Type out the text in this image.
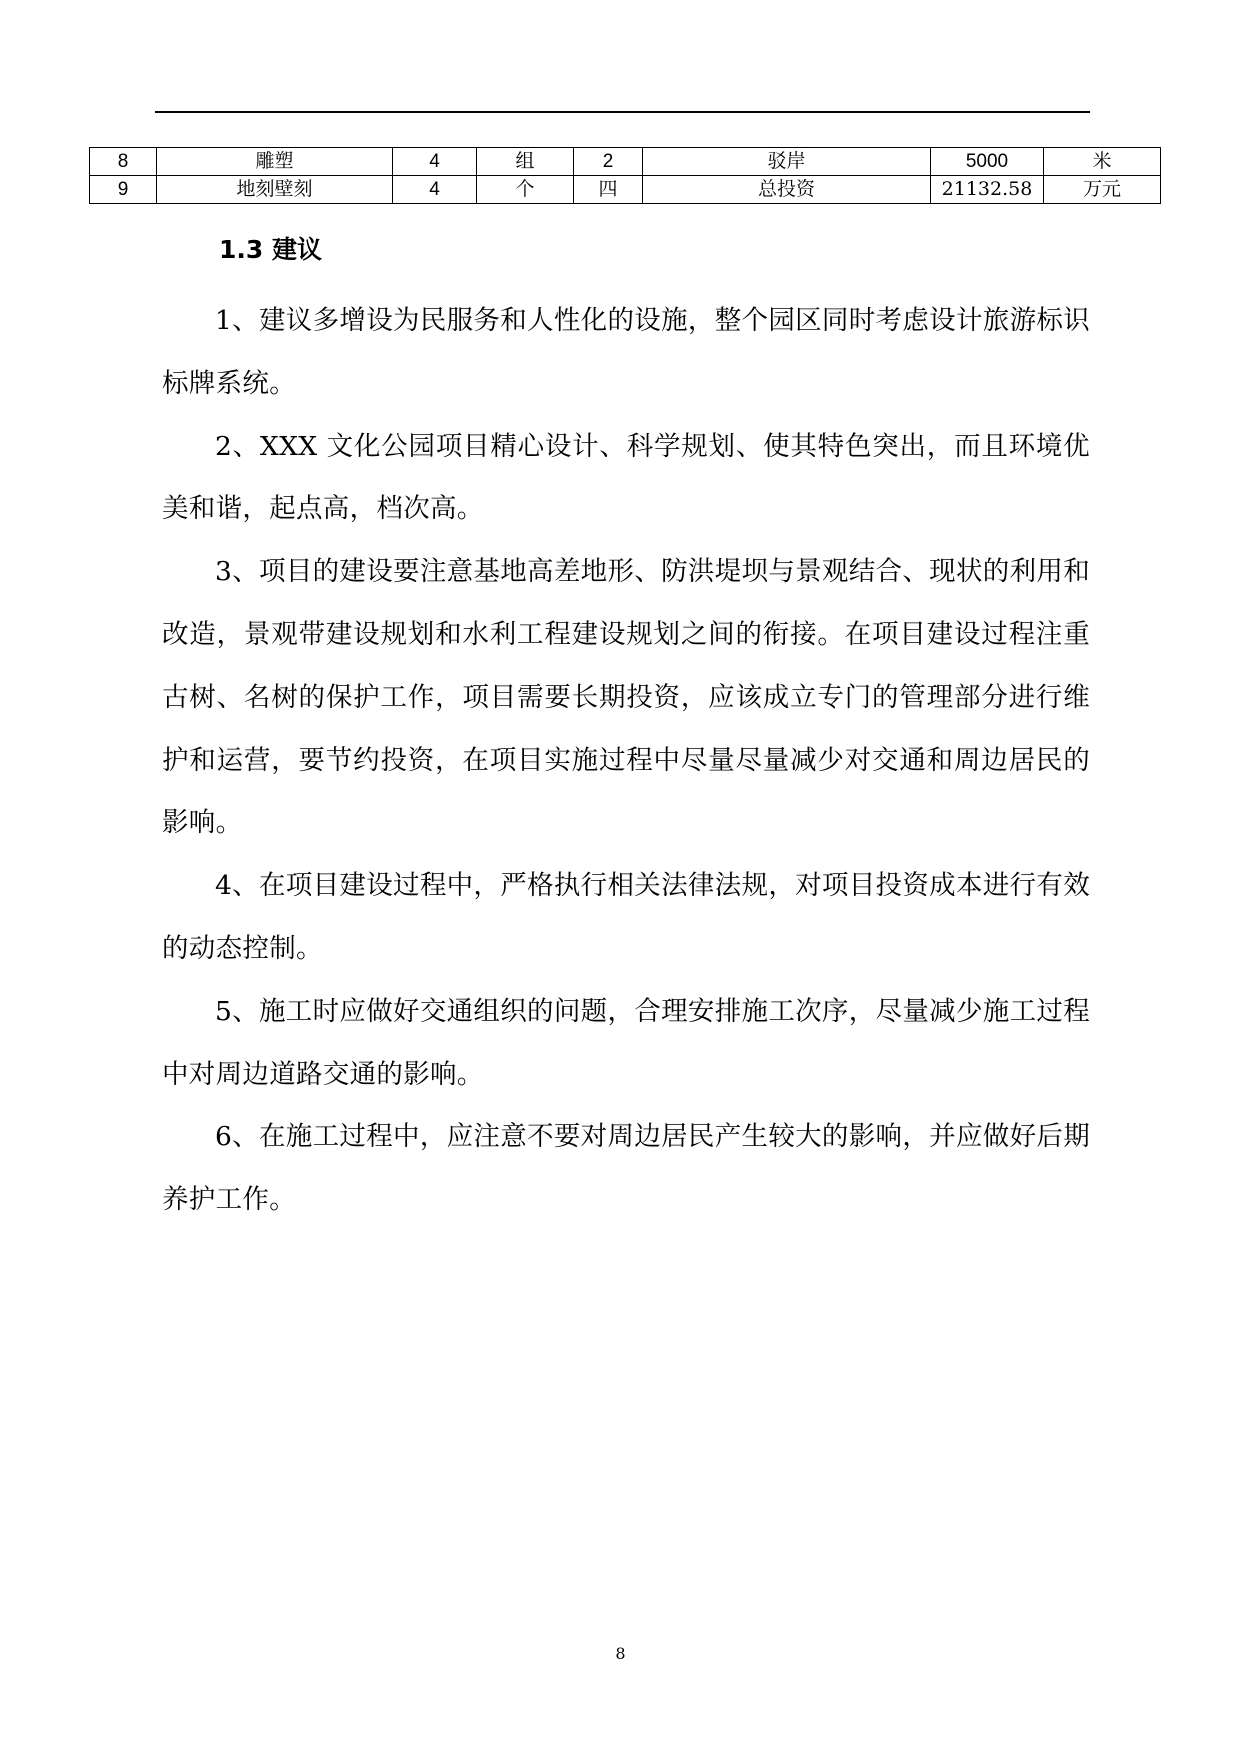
8	雕塑	4	组	2	驳岸	5000	米
9	地刻壁刻	4	个	四	总投资	21132.58	万元
1.3 建议

1、建议多增设为民服务和人性化的设施，整个园区同时考虑设计旅游标识标牌系统。

2、XXX 文化公园项目精心设计、科学规划、使其特色突出，而且环境优美和谐，起点高，档次高。

3、项目的建设要注意基地高差地形、防洪堤坝与景观结合、现状的利用和改造，景观带建设规划和水利工程建设规划之间的衔接。在项目建设过程注重古树、名树的保护工作，项目需要长期投资，应该成立专门的管理部分进行维护和运营，要节约投资，在项目实施过程中尽量尽量减少对交通和周边居民的影响。

4、在项目建设过程中，严格执行相关法律法规，对项目投资成本进行有效的动态控制。

5、施工时应做好交通组织的问题，合理安排施工次序，尽量减少施工过程中对周边道路交通的影响。

6、在施工过程中，应注意不要对周边居民产生较大的影响，并应做好后期养护工作。

8
